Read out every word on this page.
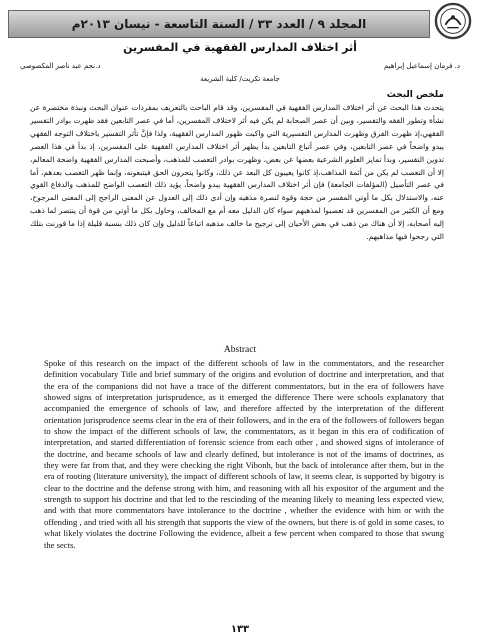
المجلد ٩ / العدد ٣٣ / السنة التاسعة - نيسان ٢٠١٣م
أثر اختلاف المدارس الفقهية في المفسرين
د. فرمان إسماعيل إبراهيم
د.نجم عبد ناصر المكصوصي
جامعة تكريت/ كلية الشريعة
ملخص البحث
يتحدث هذا البحث عن أثر اختلاف المدارس الفقهية في المفسرين، وقد قام الباحث بالتعريف بمفردات عنوان البحث ونبذة مختصرة عن نشأة وتطور الفقه والتفسير، وبين أن عصر الصحابة لم يكن فيه أثر لاختلاف المفسرين، أما في عصر التابعين فقد ظهرت بوادر التفسير الفقهي،إذ ظهرت الفرق وظهرت المدارس التفسيرية التي واكبت ظهور المدارس الفقهية، ولذا فإنَّ تأثر التفسير باختلاف التوجه الفقهي يبدو واضحاً في عصر التابعين، وفي عصر أتباع التابعين بدأ يظهر أثر اختلاف المدارس الفقهية على المفسرين، إذ بدأ في هذا العصر تدوين التفسير، وبدأ تمايز العلوم الشرعية بعضها عن بعض، وظهرت بوادر التعصب للمذهب، وأصبحت المدارس الفقهية واضحة المعالم، إلا أن التعصب لم يكن من أئمة المذاهب،إذ كانوا يعيبون كل البعد عن ذلك، وكانوا يتحرون الحق فيتبعونه، وإنما ظهر التعصب بعدهم، أما في عصر التأصيل (المؤلفات الجامعة) فإن أثر اختلاف المدارس الفقهية يبدو واضحاً، يؤيد ذلك التعصب الواضح للمذهب والدفاع القوي عنه، والاستدلال بكل ما أوتي المفسر من حجة وقوة لنصرة مذهبه وإن أدى ذلك إلى العدول عن المعنى الراجح إلى المعنى المرجوح، ومع أن الكثير من المفسرين قد تعصبوا لمذهبهم سواء كان الدليل معه أم مع المخالف، وحاول بكل ما أوتي من قوة أن ينتصر لما ذهب إليه أصحابه، إلا أن هناك من ذهب في بعض الأحيان إلى ترجيح ما خالف مذهبه اتباعاً للدليل وإن كان ذلك بنسبة قليلة إذا ما قورنت بتلك التي رجحوا فيها مذاهبهم.
Abstract
Spoke of this research on the impact of the different schools of law in the commentators, and the researcher definition vocabulary Title and brief summary of the origins and evolution of doctrine and interpretation, and that the era of the companions did not have a trace of the different commentators, but in the era of followers have showed signs of interpretation jurisprudence, as it emerged the difference There were schools explanatory that accompanied the emergence of schools of law, and therefore affected by the interpretation of the different orientation jurisprudence seems clear in the era of their followers, and in the era of the followers of followers began to show the impact of the different schools of law, the commentators, as it began in this era of codification of interpretation, and started differentiation of forensic science from each other , and showed signs of intolerance of the doctrine, and became schools of law and clearly defined, but intolerance is not of the imams of doctrines, as they were far from that, and they were checking the right Vibonh, but the back of intolerance after them, but in the era of rooting (literature university), the impact of different schools of law, it seems clear, is supported by bigotry is clear to the doctrine and the defense strong with him, and reasoning with all his expositor of the argument and the strength to support his doctrine and that led to the rescinding of the meaning likely to meaning less expected view, and with that more commentators have intolerance to the doctrine , whether the evidence with him or with the offending , and tried with all his strength that supports the view of the owners, but there is of gold in some cases, to what likely violates the doctrine Following the evidence, albeit a few percent when compared to those that swung the sects.
١٣٣
